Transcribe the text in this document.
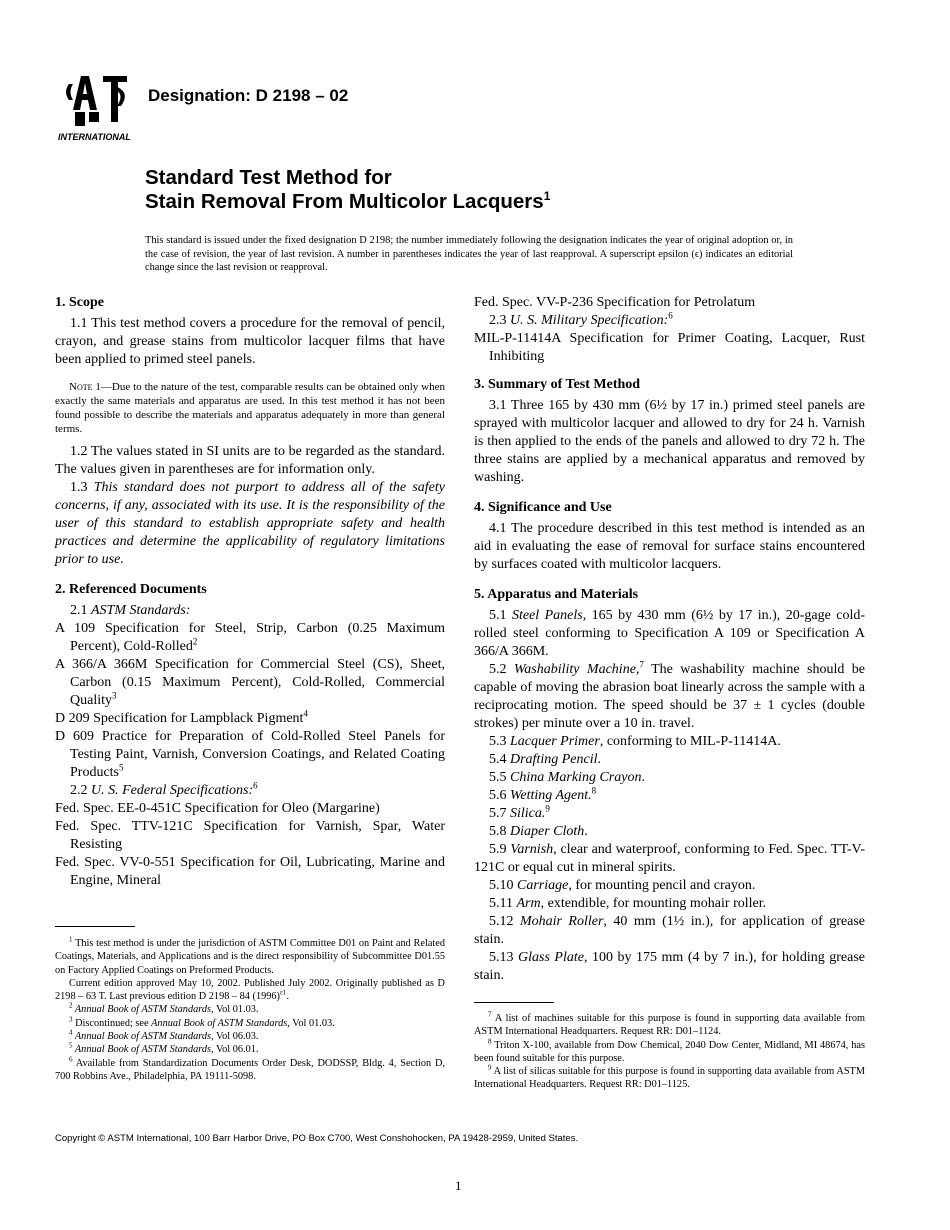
INTERNATIONAL
Designation: D 2198 – 02
Standard Test Method for
Stain Removal From Multicolor Lacquers$^1$
This standard is issued under the fixed designation D 2198; the number immediately following the designation indicates the year of original adoption or, in the case of revision, the year of last revision. A number in parentheses indicates the year of last reapproval. A superscript epsilon (ϵ) indicates an editorial change since the last revision or reapproval.

1. Scope

1.1 This test method covers a procedure for the removal of pencil, crayon, and grease stains from multicolor lacquer films that have been applied to primed steel panels.

Note 1—Due to the nature of the test, comparable results can be obtained only when exactly the same materials and apparatus are used. In this test method it has not been found possible to describe the materials and apparatus adequately in more than general terms.

1.2 The values stated in SI units are to be regarded as the standard. The values given in parentheses are for information only.

1.3 This standard does not purport to address all of the safety concerns, if any, associated with its use. It is the responsibility of the user of this standard to establish appropriate safety and health practices and determine the applicability of regulatory limitations prior to use.

2. Referenced Documents

2.1 ASTM Standards:

A 109 Specification for Steel, Strip, Carbon (0.25 Maximum Percent), Cold-Rolled$^2$

A 366/A 366M Specification for Commercial Steel (CS), Sheet, Carbon (0.15 Maximum Percent), Cold-Rolled, Commercial Quality$^3$

D 209 Specification for Lampblack Pigment$^4$

D 609 Practice for Preparation of Cold-Rolled Steel Panels for Testing Paint, Varnish, Conversion Coatings, and Related Coating Products$^5$

2.2 U. S. Federal Specifications:$^6$

Fed. Spec. EE-0-451C Specification for Oleo (Margarine)

Fed. Spec. TTV-121C Specification for Varnish, Spar, Water Resisting

Fed. Spec. VV-0-551 Specification for Oil, Lubricating, Marine and Engine, Mineral

$^1$ This test method is under the jurisdiction of ASTM Committee D01 on Paint and Related Coatings, Materials, and Applications and is the direct responsibility of Subcommittee D01.55 on Factory Applied Coatings on Preformed Products.

Current edition approved May 10, 2002. Published July 2002. Originally published as D 2198 – 63 T. Last previous edition D 2198 – 84 $(1996)^{\varepsilon 1}$.

$^2$ Annual Book of ASTM Standards, Vol 01.03.

$^3$ Discontinued; see Annual Book of ASTM Standards, Vol 01.03.

$^4$ Annual Book of ASTM Standards, Vol 06.03.

$^5$ Annual Book of ASTM Standards, Vol 06.01.

$^6$ Available from Standardization Documents Order Desk, DODSSP, Bldg. 4, Section D, 700 Robbins Ave., Philadelphia, PA 19111-5098.

Fed. Spec. VV-P-236 Specification for Petrolatum

2.3 U. S. Military Specification:$^6$

MIL-P-11414A Specification for Primer Coating, Lacquer, Rust Inhibiting

3. Summary of Test Method

3.1 Three 165 by 430 mm (6½ by 17 in.) primed steel panels are sprayed with multicolor lacquer and allowed to dry for 24 h. Varnish is then applied to the ends of the panels and allowed to dry 72 h. The three stains are applied by a mechanical apparatus and removed by washing.

4. Significance and Use

4.1 The procedure described in this test method is intended as an aid in evaluating the ease of removal for surface stains encountered by surfaces coated with multicolor lacquers.

5. Apparatus and Materials

5.1 Steel Panels, 165 by 430 mm (6½ by 17 in.), 20-gage cold-rolled steel conforming to Specification A 109 or Specification A 366/A 366M.

5.2 Washability Machine,$^7$ The washability machine should be capable of moving the abrasion boat linearly across the sample with a reciprocating motion. The speed should be 37 ± 1 cycles (double strokes) per minute over a 10 in. travel.

5.3 Lacquer Primer, conforming to MIL-P-11414A.

5.4 Drafting Pencil.

5.5 China Marking Crayon.

5.6 Wetting Agent.$^8$

5.7 Silica.$^9$

5.8 Diaper Cloth.

5.9 Varnish, clear and waterproof, conforming to Fed. Spec. TT-V-121C or equal cut in mineral spirits.

5.10 Carriage, for mounting pencil and crayon.

5.11 Arm, extendible, for mounting mohair roller.

5.12 Mohair Roller, 40 mm (1½ in.), for application of grease stain.

5.13 Glass Plate, 100 by 175 mm (4 by 7 in.), for holding grease stain.

$^7$ A list of machines suitable for this purpose is found in supporting data available from ASTM International Headquarters. Request RR: D01–1124.

$^8$ Triton X-100, available from Dow Chemical, 2040 Dow Center, Midland, MI 48674, has been found suitable for this purpose.

$^9$ A list of silicas suitable for this purpose is found in supporting data available from ASTM International Headquarters. Request RR: D01–1125.

Copyright © ASTM International, 100 Barr Harbor Drive, PO Box C700, West Conshohocken, PA 19428-2959, United States.
1
